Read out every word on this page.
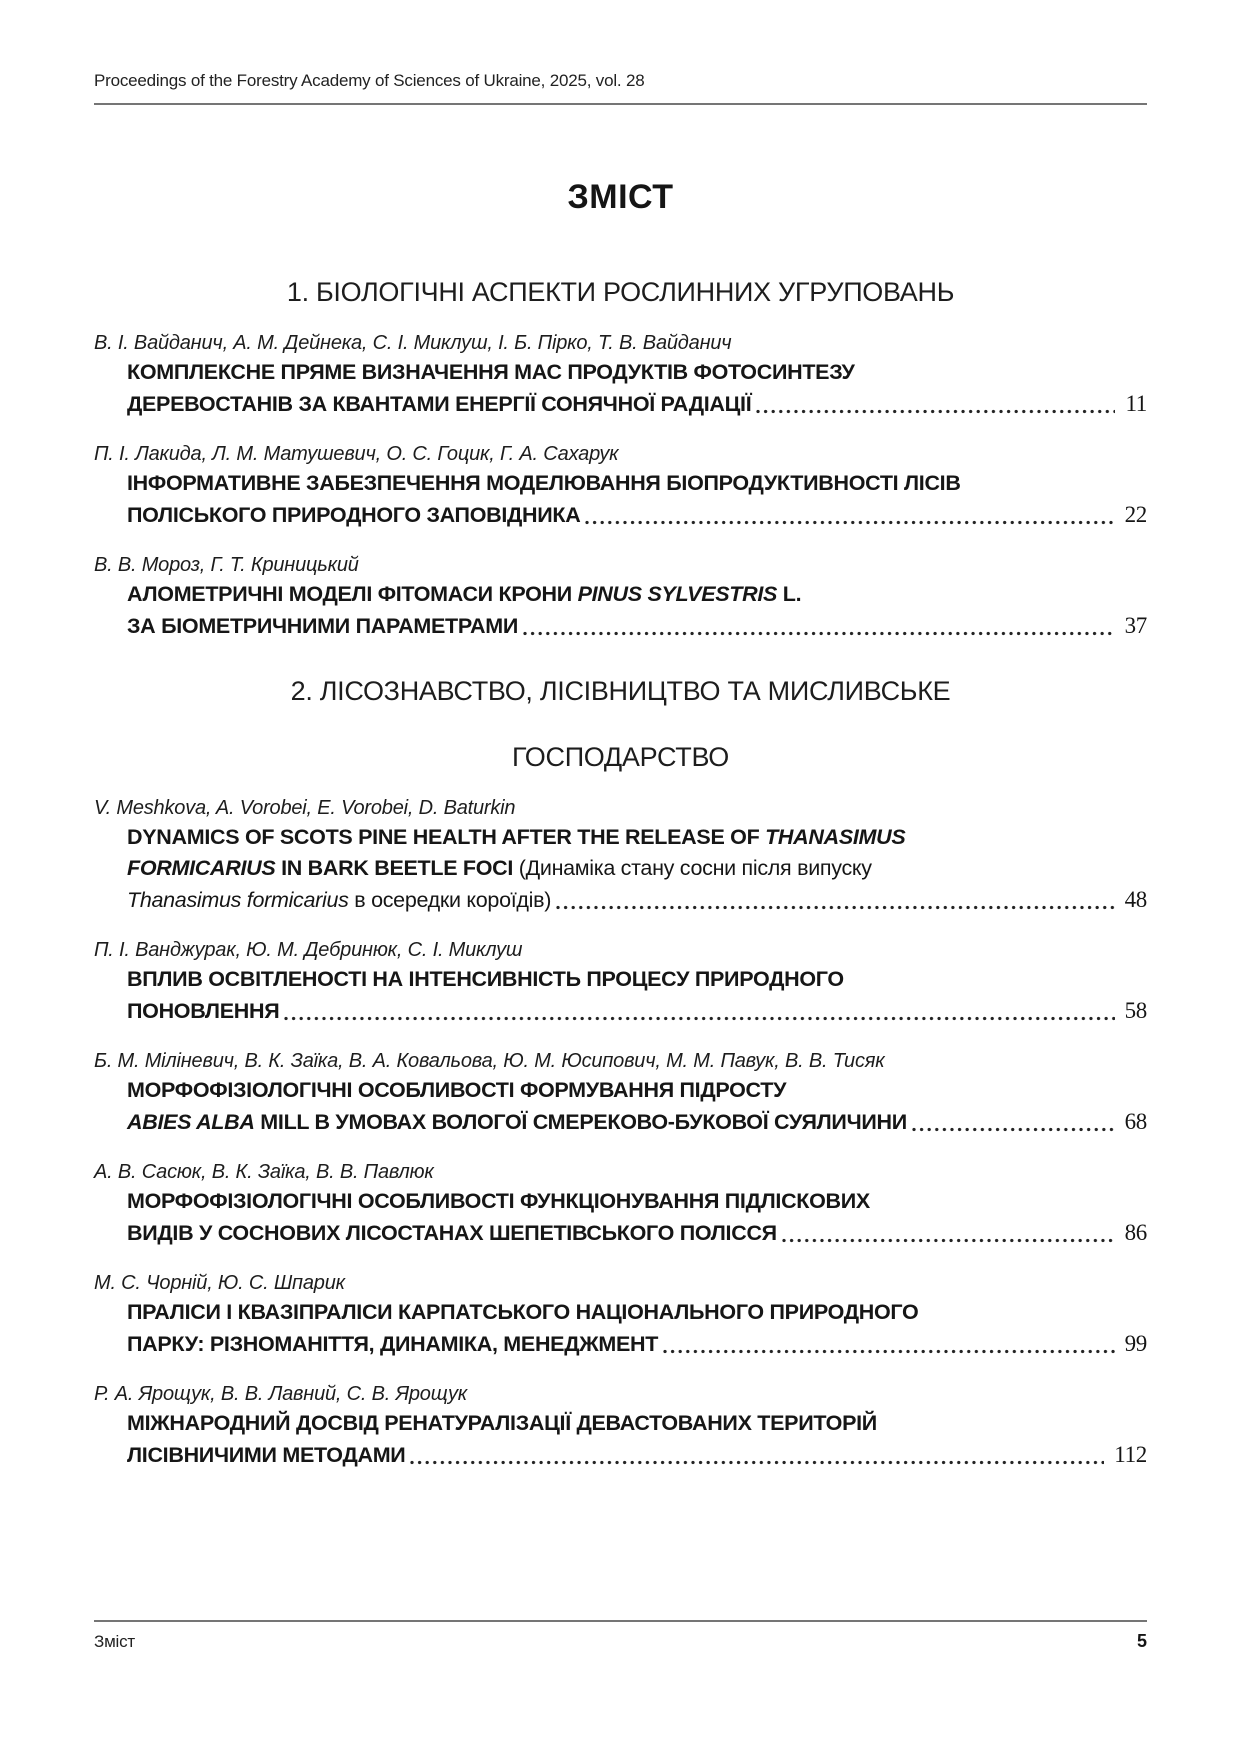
Proceedings of the Forestry Academy of Sciences of Ukraine, 2025, vol. 28
ЗМІСТ
1. БІОЛОГІЧНІ АСПЕКТИ РОСЛИННИХ УГРУПОВАНЬ
В. І. Вайданич, А. М. Дейнека, С. І. Миклуш, І. Б. Пірко, Т. В. Вайданич
КОМПЛЕКСНЕ ПРЯМЕ ВИЗНАЧЕННЯ МАС ПРОДУКТІВ ФОТОСИНТЕЗУ
ДЕРЕВОСТАНІВ ЗА КВАНТАМИ ЕНЕРГІЇ СОНЯЧНОЇ РАДІАЦІЇ	11
П. І. Лакида, Л. М. Матушевич, О. С. Гоцик, Г. А. Сахарук
ІНФОРМАТИВНЕ ЗАБЕЗПЕЧЕННЯ МОДЕЛЮВАННЯ БІОПРОДУКТИВНОСТІ ЛІСІВ
ПОЛІСЬКОГО ПРИРОДНОГО ЗАПОВІДНИКА	22
В. В. Мороз, Г. Т. Криницький
АЛОМЕТРИЧНІ МОДЕЛІ ФІТОМАСИ КРОНИ PINUS SYLVESTRIS L.
ЗА БІОМЕТРИЧНИМИ ПАРАМЕТРАМИ	37
2. ЛІСОЗНАВСТВО, ЛІСІВНИЦТВО ТА МИСЛИВСЬКЕ
ГОСПОДАРСТВО
V. Meshkova, A. Vorobei, E. Vorobei, D. Baturkin
DYNAMICS OF SCOTS PINE HEALTH AFTER THE RELEASE OF THANASIMUS
FORMICARIUS IN BARK BEETLE FOCI (Динаміка стану сосни після випуску
Thanasimus formicarius в осередки короїдів)	48
П. І. Ванджурак, Ю. М. Дебринюк, С. І. Миклуш
ВПЛИВ ОСВІТЛЕНОСТІ НА ІНТЕНСИВНІСТЬ ПРОЦЕСУ ПРИРОДНОГО
ПОНОВЛЕННЯ	58
Б. М. Міліневич, В. К. Заїка, В. А. Ковальова, Ю. М. Юсипович, М. М. Павук, В. В. Тисяк
МОРФОФІЗІОЛОГІЧНІ ОСОБЛИВОСТІ ФОРМУВАННЯ ПІДРОСТУ
ABIES ALBA MILL В УМОВАХ ВОЛОГОЇ СМЕРЕКОВО-БУКОВОЇ СУЯЛИЧИНИ	68
А. В. Сасюк, В. К. Заїка, В. В. Павлюк
МОРФОФІЗІОЛОГІЧНІ ОСОБЛИВОСТІ ФУНКЦІОНУВАННЯ ПІДЛІСКОВИХ
ВИДІВ У СОСНОВИХ ЛІСОСТАНАХ ШЕПЕТІВСЬКОГО ПОЛІССЯ	86
М. С. Чорній, Ю. С. Шпарик
ПРАЛІСИ І КВАЗІПРАЛІСИ КАРПАТСЬКОГО НАЦІОНАЛЬНОГО ПРИРОДНОГО
ПАРКУ: РІЗНОМАНІТТЯ, ДИНАМІКА, МЕНЕДЖМЕНТ	99
Р. А. Ярощук, В. В. Лавний, С. В. Ярощук
МІЖНАРОДНИЙ ДОСВІД РЕНАТУРАЛІЗАЦІЇ ДЕВАСТОВАНИХ ТЕРИТОРІЙ
ЛІСІВНИЧИМИ МЕТОДАМИ	112
Зміст	5
